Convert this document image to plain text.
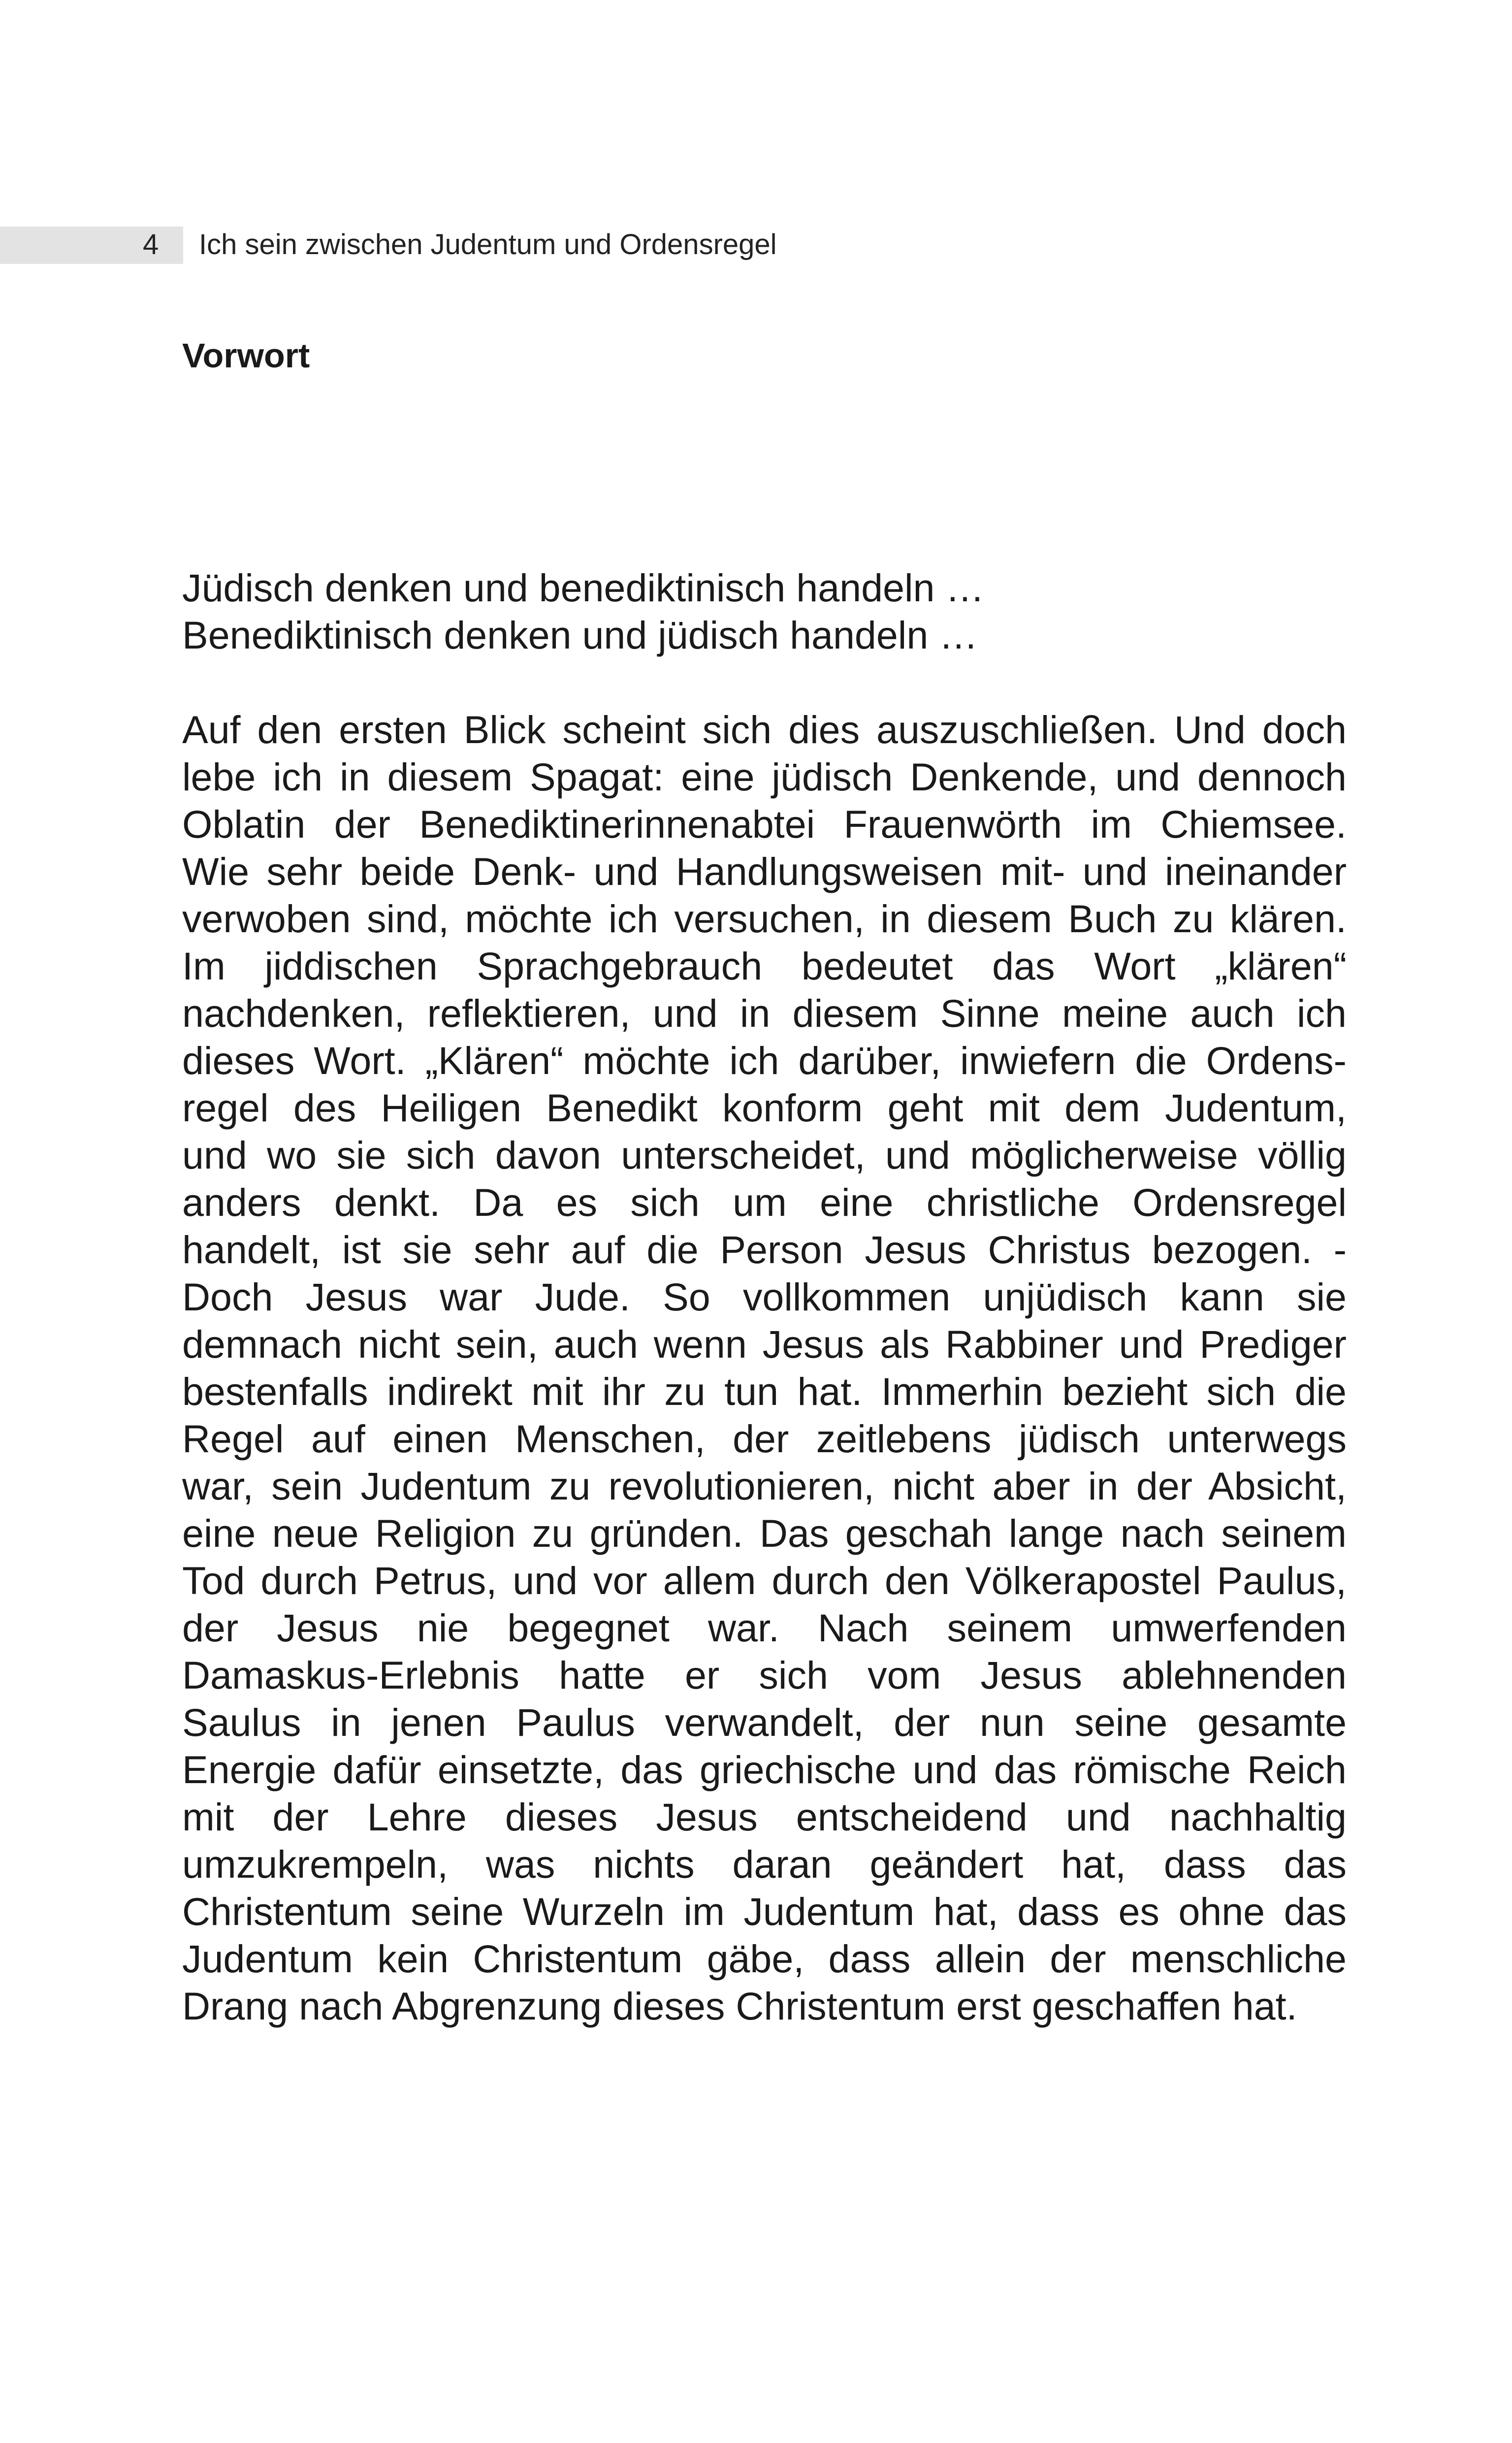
4 Ich sein zwischen Judentum und Ordensregel
Vorwort
Jüdisch denken und benediktinisch handeln …
Benediktinisch denken und jüdisch handeln …
Auf den ersten Blick scheint sich dies auszuschließen. Und doch
lebe ich in diesem Spagat: eine jüdisch Denkende, und dennoch
Oblatin der Benediktinerinnenabtei Frauenwörth im Chiemsee.
Wie sehr beide Denk- und Handlungsweisen mit- und ineinander
verwoben sind, möchte ich versuchen, in diesem Buch zu klären.
Im jiddischen Sprachgebrauch bedeutet das Wort „klären“
nachdenken, reflektieren, und in diesem Sinne meine auch ich
dieses Wort. „Klären“ möchte ich darüber, inwiefern die Ordens-
regel des Heiligen Benedikt konform geht mit dem Judentum,
und wo sie sich davon unterscheidet, und möglicherweise völlig
anders denkt. Da es sich um eine christliche Ordensregel
handelt, ist sie sehr auf die Person Jesus Christus bezogen. -
Doch Jesus war Jude. So vollkommen unjüdisch kann sie
demnach nicht sein, auch wenn Jesus als Rabbiner und Prediger
bestenfalls indirekt mit ihr zu tun hat. Immerhin bezieht sich die
Regel auf einen Menschen, der zeitlebens jüdisch unterwegs
war, sein Judentum zu revolutionieren, nicht aber in der Absicht,
eine neue Religion zu gründen. Das geschah lange nach seinem
Tod durch Petrus, und vor allem durch den Völkerapostel Paulus,
der Jesus nie begegnet war. Nach seinem umwerfenden
Damaskus-Erlebnis hatte er sich vom Jesus ablehnenden
Saulus in jenen Paulus verwandelt, der nun seine gesamte
Energie dafür einsetzte, das griechische und das römische Reich
mit der Lehre dieses Jesus entscheidend und nachhaltig
umzukrempeln, was nichts daran geändert hat, dass das
Christentum seine Wurzeln im Judentum hat, dass es ohne das
Judentum kein Christentum gäbe, dass allein der menschliche
Drang nach Abgrenzung dieses Christentum erst geschaffen hat.
